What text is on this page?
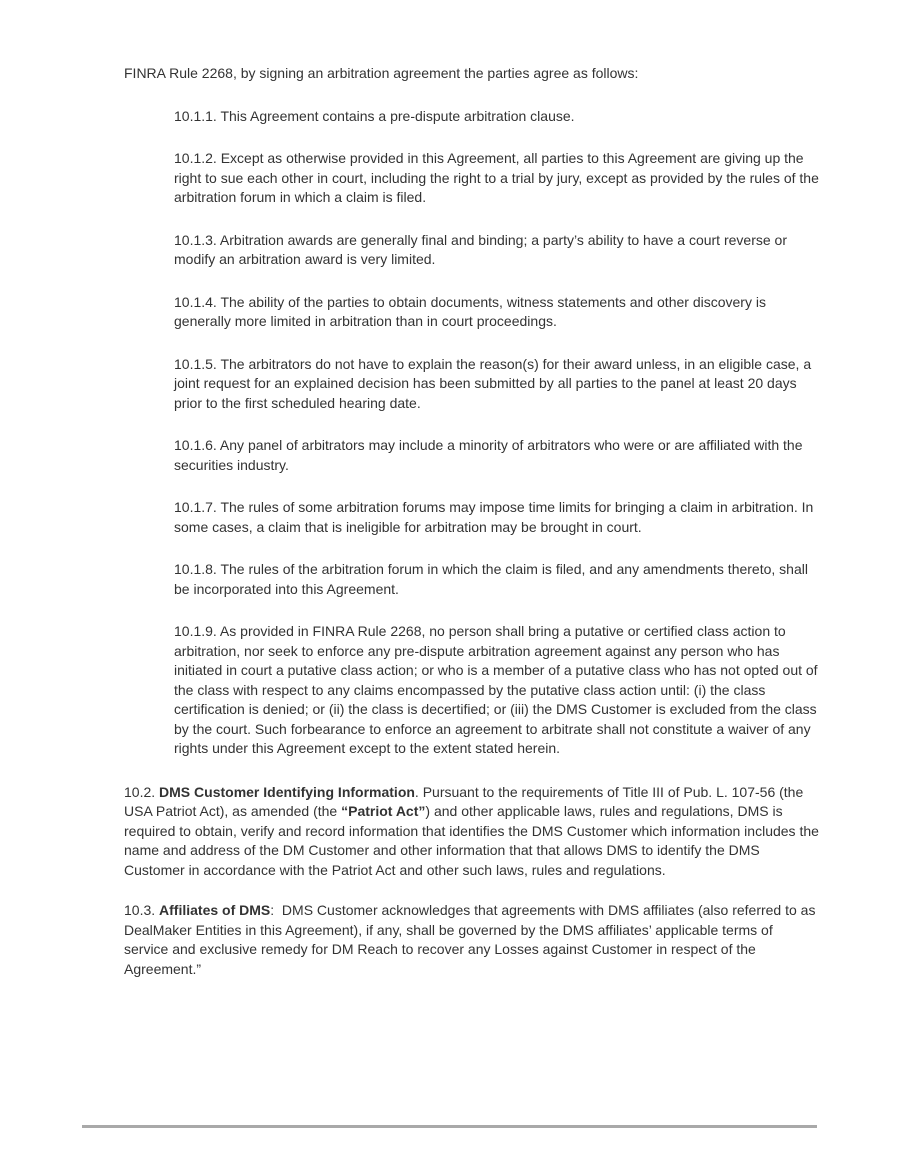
FINRA Rule 2268, by signing an arbitration agreement the parties agree as follows:

10.1.1. This Agreement contains a pre-dispute arbitration clause.

10.1.2. Except as otherwise provided in this Agreement, all parties to this Agreement are giving up the right to sue each other in court, including the right to a trial by jury, except as provided by the rules of the arbitration forum in which a claim is filed.

10.1.3. Arbitration awards are generally final and binding; a party’s ability to have a court reverse or modify an arbitration award is very limited.

10.1.4. The ability of the parties to obtain documents, witness statements and other discovery is generally more limited in arbitration than in court proceedings.

10.1.5. The arbitrators do not have to explain the reason(s) for their award unless, in an eligible case, a joint request for an explained decision has been submitted by all parties to the panel at least 20 days prior to the first scheduled hearing date.

10.1.6. Any panel of arbitrators may include a minority of arbitrators who were or are affiliated with the securities industry.

10.1.7. The rules of some arbitration forums may impose time limits for bringing a claim in arbitration. In some cases, a claim that is ineligible for arbitration may be brought in court.

10.1.8. The rules of the arbitration forum in which the claim is filed, and any amendments thereto, shall be incorporated into this Agreement.

10.1.9. As provided in FINRA Rule 2268, no person shall bring a putative or certified class action to arbitration, nor seek to enforce any pre-dispute arbitration agreement against any person who has initiated in court a putative class action; or who is a member of a putative class who has not opted out of the class with respect to any claims encompassed by the putative class action until: (i) the class certification is denied; or (ii) the class is decertified; or (iii) the DMS Customer is excluded from the class by the court. Such forbearance to enforce an agreement to arbitrate shall not constitute a waiver of any rights under this Agreement except to the extent stated herein.

10.2. DMS Customer Identifying Information. Pursuant to the requirements of Title III of Pub. L. 107-56 (the USA Patriot Act), as amended (the “Patriot Act”) and other applicable laws, rules and regulations, DMS is required to obtain, verify and record information that identifies the DMS Customer which information includes the name and address of the DM Customer and other information that that allows DMS to identify the DMS Customer in accordance with the Patriot Act and other such laws, rules and regulations.

10.3. Affiliates of DMS:  DMS Customer acknowledges that agreements with DMS affiliates (also referred to as DealMaker Entities in this Agreement), if any, shall be governed by the DMS affiliates’ applicable terms of service and exclusive remedy for DM Reach to recover any Losses against Customer in respect of the Agreement.”
